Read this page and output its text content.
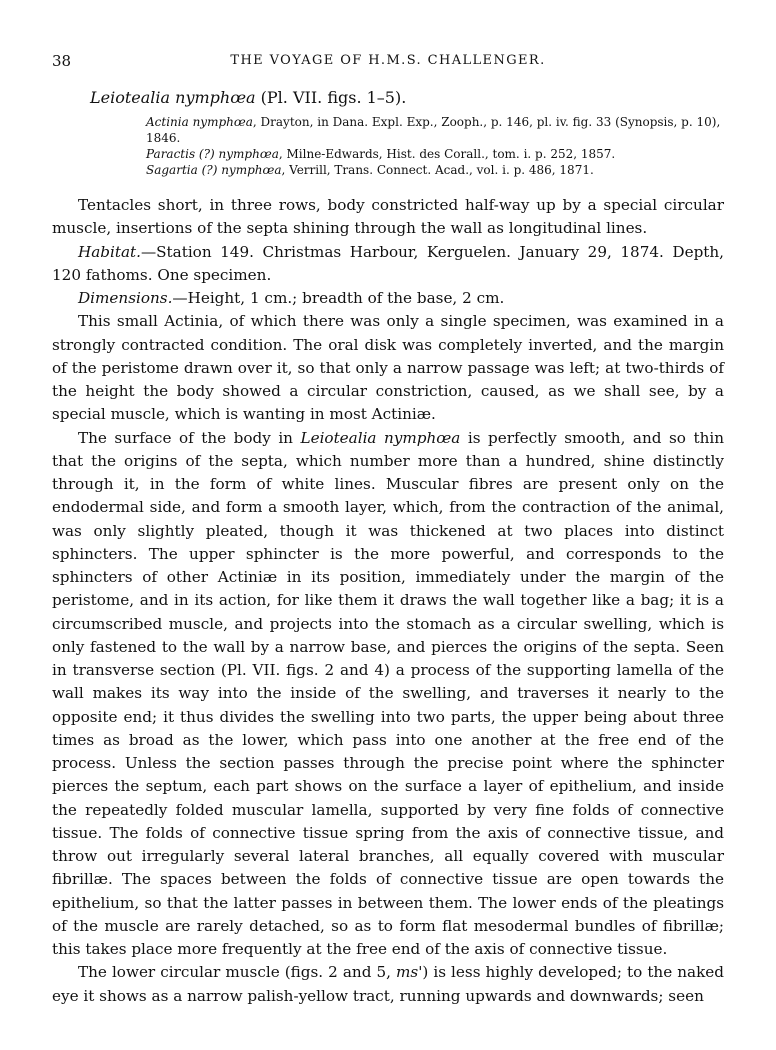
38	THE VOYAGE OF H.M.S. CHALLENGER.
Leiotealia nymphœa (Pl. VII. figs. 1–5).
Actinia nymphœa, Drayton, in Dana. Expl. Exp., Zooph., p. 146, pl. iv. fig. 33 (Synopsis, p. 10),
1846.
Paractis (?) nymphœa, Milne-Edwards, Hist. des Corall., tom. i. p. 252, 1857.
Sagartia (?) nymphœa, Verrill, Trans. Connect. Acad., vol. i. p. 486, 1871.

Tentacles short, in three rows, body constricted half-way up by a special circular muscle, insertions of the septa shining through the wall as longitudinal lines.

Habitat.—Station 149. Christmas Harbour, Kerguelen. January 29, 1874. Depth, 120 fathoms. One specimen.

Dimensions.—Height, 1 cm.; breadth of the base, 2 cm.

This small Actinia, of which there was only a single specimen, was examined in a strongly contracted condition. The oral disk was completely inverted, and the margin of the peristome drawn over it, so that only a narrow passage was left; at two-thirds of the height the body showed a circular constriction, caused, as we shall see, by a special muscle, which is wanting in most Actiniæ.

The surface of the body in Leiotealia nymphœa is perfectly smooth, and so thin that the origins of the septa, which number more than a hundred, shine distinctly through it, in the form of white lines. Muscular fibres are present only on the endodermal side, and form a smooth layer, which, from the contraction of the animal, was only slightly pleated, though it was thickened at two places into distinct sphincters. The upper sphincter is the more powerful, and corresponds to the sphincters of other Actiniæ in its position, immediately under the margin of the peristome, and in its action, for like them it draws the wall together like a bag; it is a circumscribed muscle, and projects into the stomach as a circular swelling, which is only fastened to the wall by a narrow base, and pierces the origins of the septa. Seen in transverse section (Pl. VII. figs. 2 and 4) a process of the supporting lamella of the wall makes its way into the inside of the swelling, and traverses it nearly to the opposite end; it thus divides the swelling into two parts, the upper being about three times as broad as the lower, which pass into one another at the free end of the process. Unless the section passes through the precise point where the sphincter pierces the septum, each part shows on the surface a layer of epithelium, and inside the repeatedly folded muscular lamella, supported by very fine folds of connective tissue. The folds of connective tissue spring from the axis of connective tissue, and throw out irregularly several lateral branches, all equally covered with muscular fibrillæ. The spaces between the folds of connective tissue are open towards the epithelium, so that the latter passes in between them. The lower ends of the pleatings of the muscle are rarely detached, so as to form flat mesodermal bundles of fibrillæ; this takes place more frequently at the free end of the axis of connective tissue.

The lower circular muscle (figs. 2 and 5, ms') is less highly developed; to the naked eye it shows as a narrow palish-yellow tract, running upwards and downwards; seen
